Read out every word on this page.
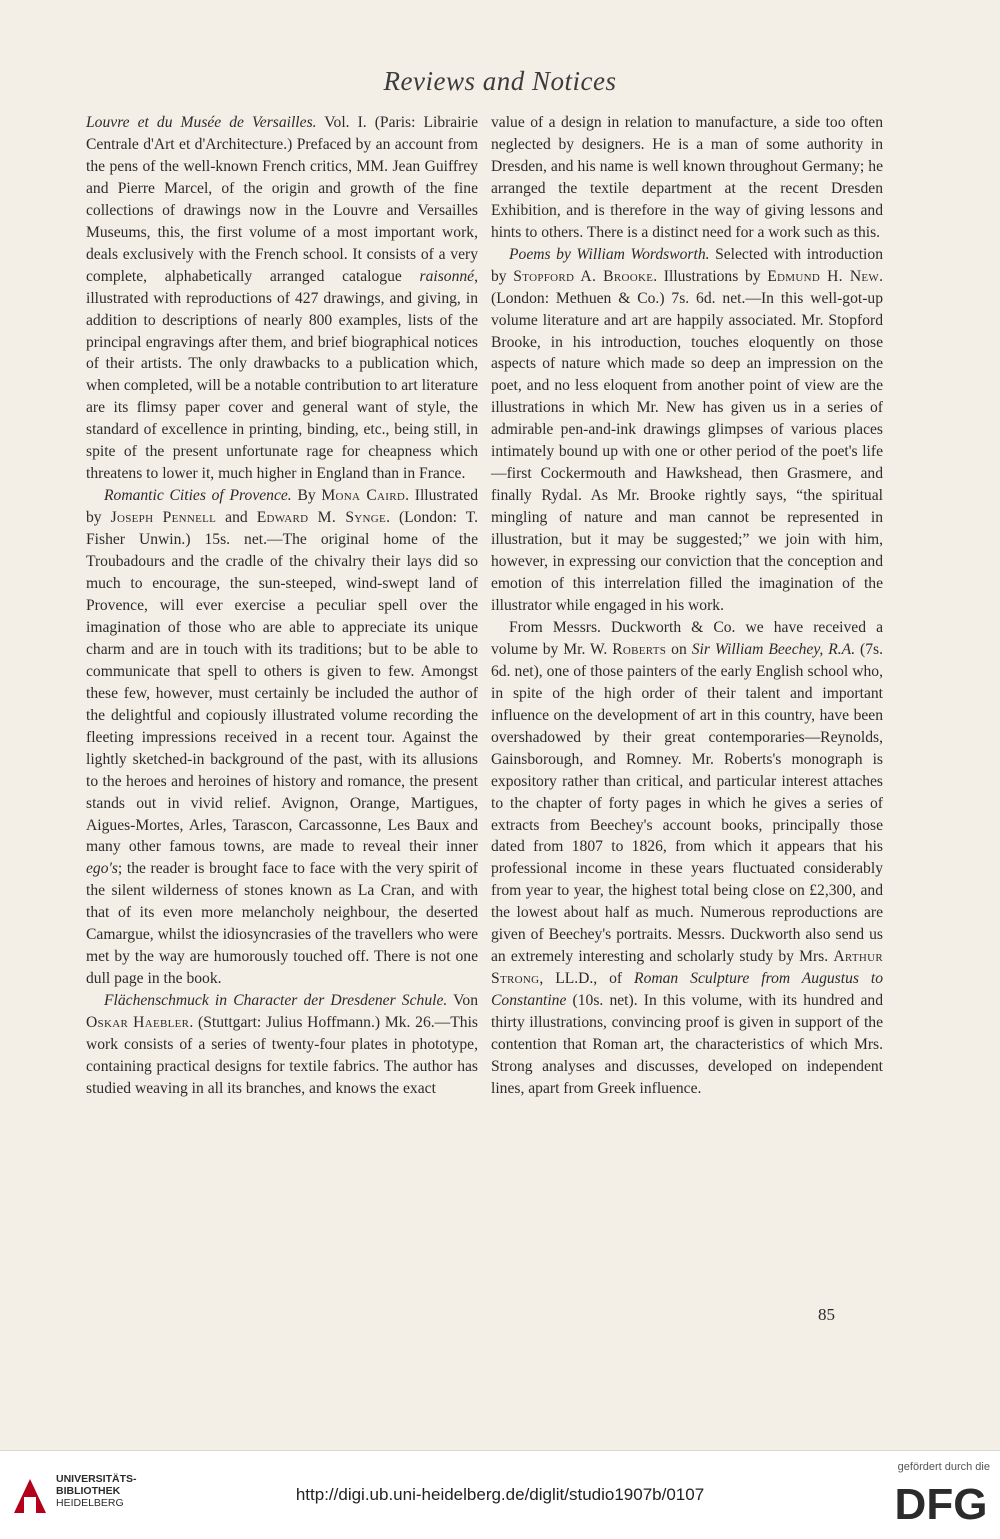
Reviews and Notices

Louvre et du Musée de Versailles. Vol. I. (Paris: Librairie Centrale d'Art et d'Architecture.) Prefaced by an account from the pens of the well-known French critics, MM. Jean Guiffrey and Pierre Marcel, of the origin and growth of the fine collections of drawings now in the Louvre and Versailles Museums, this, the first volume of a most important work, deals exclusively with the French school. It consists of a very complete, alphabetically arranged catalogue raisonné, illustrated with reproductions of 427 drawings, and giving, in addition to descriptions of nearly 800 examples, lists of the principal engravings after them, and brief biographical notices of their artists. The only drawbacks to a publication which, when completed, will be a notable contribution to art literature are its flimsy paper cover and general want of style, the standard of excellence in printing, binding, etc., being still, in spite of the present unfortunate rage for cheapness which threatens to lower it, much higher in England than in France.

Romantic Cities of Provence. By Mona Caird. Illustrated by Joseph Pennell and Edward M. Synge. (London: T. Fisher Unwin.) 15s. net.—The original home of the Troubadours and the cradle of the chivalry their lays did so much to encourage, the sun-steeped, wind-swept land of Provence, will ever exercise a peculiar spell over the imagination of those who are able to appreciate its unique charm and are in touch with its traditions; but to be able to communicate that spell to others is given to few. Amongst these few, however, must certainly be included the author of the delightful and copiously illustrated volume recording the fleeting impressions received in a recent tour. Against the lightly sketched-in background of the past, with its allusions to the heroes and heroines of history and romance, the present stands out in vivid relief. Avignon, Orange, Martigues, Aigues-Mortes, Arles, Tarascon, Carcassonne, Les Baux and many other famous towns, are made to reveal their inner ego's; the reader is brought face to face with the very spirit of the silent wilderness of stones known as La Cran, and with that of its even more melancholy neighbour, the deserted Camargue, whilst the idiosyncrasies of the travellers who were met by the way are humorously touched off. There is not one dull page in the book.

Flächenschmuck in Character der Dresdener Schule. Von Oskar Haebler. (Stuttgart: Julius Hoffmann.) Mk. 26.—This work consists of a series of twenty-four plates in phototype, containing practical designs for textile fabrics. The author has studied weaving in all its branches, and knows the exact

value of a design in relation to manufacture, a side too often neglected by designers. He is a man of some authority in Dresden, and his name is well known throughout Germany; he arranged the textile department at the recent Dresden Exhibition, and is therefore in the way of giving lessons and hints to others. There is a distinct need for a work such as this.

Poems by William Wordsworth. Selected with introduction by Stopford A. Brooke. Illustrations by Edmund H. New. (London: Methuen & Co.) 7s. 6d. net.—In this well-got-up volume literature and art are happily associated. Mr. Stopford Brooke, in his introduction, touches eloquently on those aspects of nature which made so deep an impression on the poet, and no less eloquent from another point of view are the illustrations in which Mr. New has given us in a series of admirable pen-and-ink drawings glimpses of various places intimately bound up with one or other period of the poet's life—first Cockermouth and Hawkshead, then Grasmere, and finally Rydal. As Mr. Brooke rightly says, “the spiritual mingling of nature and man cannot be represented in illustration, but it may be suggested;” we join with him, however, in expressing our conviction that the conception and emotion of this interrelation filled the imagination of the illustrator while engaged in his work.

From Messrs. Duckworth & Co. we have received a volume by Mr. W. Roberts on Sir William Beechey, R.A. (7s. 6d. net), one of those painters of the early English school who, in spite of the high order of their talent and important influence on the development of art in this country, have been overshadowed by their great contemporaries—Reynolds, Gainsborough, and Romney. Mr. Roberts's monograph is expository rather than critical, and particular interest attaches to the chapter of forty pages in which he gives a series of extracts from Beechey's account books, principally those dated from 1807 to 1826, from which it appears that his professional income in these years fluctuated considerably from year to year, the highest total being close on £2,300, and the lowest about half as much. Numerous reproductions are given of Beechey's portraits. Messrs. Duckworth also send us an extremely interesting and scholarly study by Mrs. Arthur Strong, LL.D., of Roman Sculpture from Augustus to Constantine (10s. net). In this volume, with its hundred and thirty illustrations, convincing proof is given in support of the contention that Roman art, the characteristics of which Mrs. Strong analyses and discusses, developed on independent lines, apart from Greek influence.

85
UNIVERSITÄTS-
BIBLIOTHEK
HEIDELBERG	http://digi.ub.uni-heidelberg.de/diglit/studio1907b/0107
gefördert durch die
DFG
